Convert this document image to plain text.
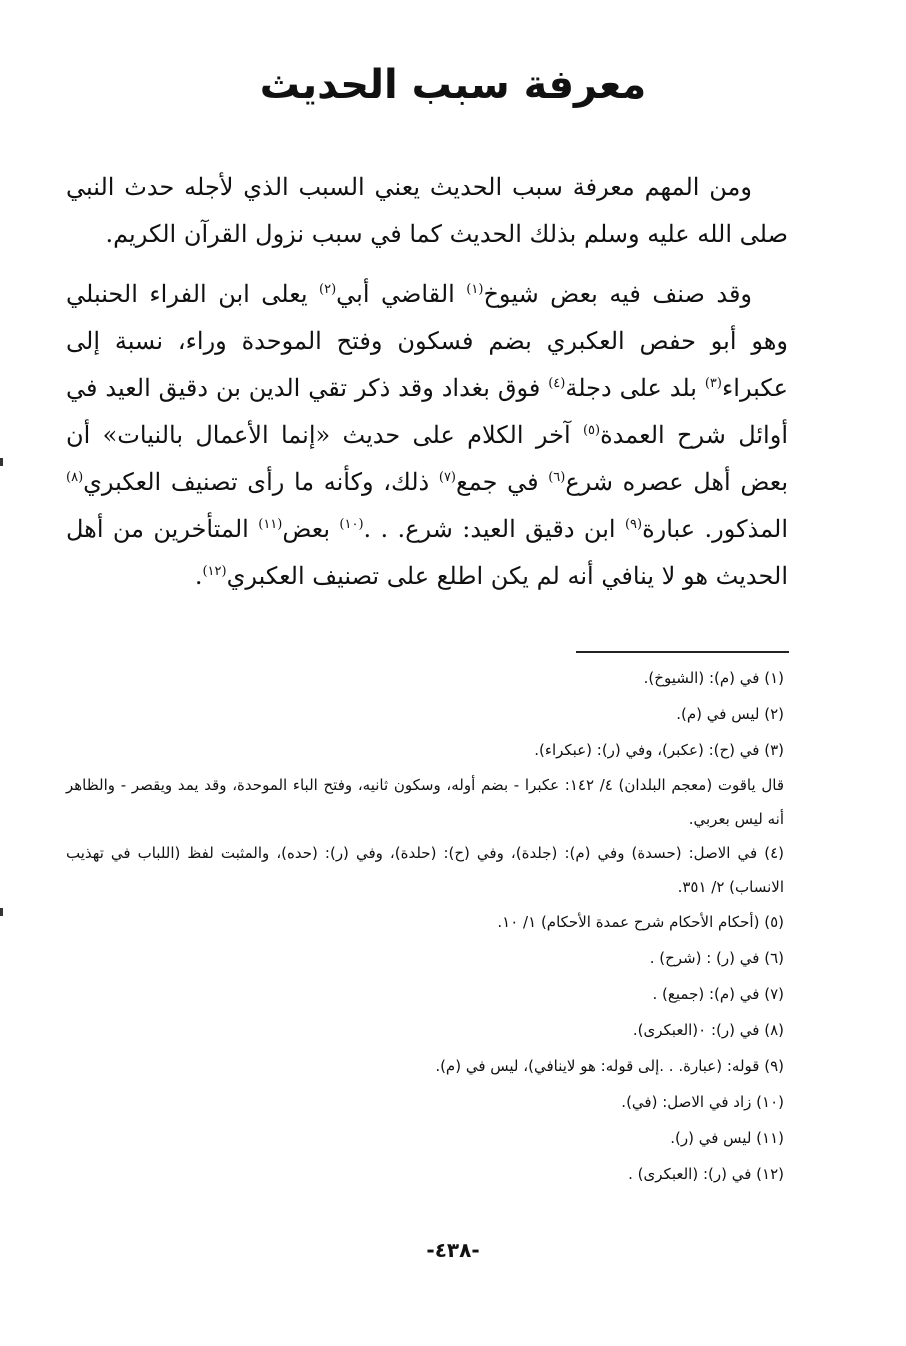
معرفة سبب الحديث

ومن المهم معرفة سبب الحديث يعني السبب الذي لأجله حدث النبي صلى الله عليه وسلم بذلك الحديث كما في سبب نزول القرآن الكريم.

وقد صنف فيه بعض شيوخ$^{(١)}$ القاضي أبي$^{(٢)}$ يعلى ابن الفراء الحنبلي وهو أبو حفص العكبري بضم فسكون وفتح الموحدة وراء، نسبة إلى عكبراء$^{(٣)}$ بلد على دجلة$^{(٤)}$ فوق بغداد وقد ذكر تقي الدين بن دقيق العيد في أوائل شرح العمدة$^{(٥)}$ آخر الكلام على حديث «إنما الأعمال بالنيات» أن بعض أهل عصره شرع$^{(٦)}$ في جمع$^{(٧)}$ ذلك، وكأنه ما رأى تصنيف العكبري$^{(٨)}$ المذكور. عبارة$^{(٩)}$ ابن دقيق العيد: شرع. . .$^{(١٠)}$ بعض$^{(١١)}$ المتأخرين من أهل الحديث هو لا ينافي أنه لم يكن اطلع على تصنيف العكبري$^{(١٢)}$.

(١) في (م): (الشيوخ).
(٢) ليس في (م).
(٣) في (ح): (عكبر)، وفي (ر): (عبكراء).
قال ياقوت (معجم البلدان) ٤/ ١٤٢: عكبرا - بضم أوله، وسكون ثانيه، وفتح الباء الموحدة، وقد يمد ويقصر - والظاهر أنه ليس بعربي.
(٤) في الاصل: (حسدة) وفي (م): (جلدة)، وفي (ح): (حلدة)، وفي (ر): (حده)، والمثبت لفظ (اللباب في تهذيب الانساب) ٢/ ٣٥١.
(٥) (أحكام الأحكام شرح عمدة الأحكام) ١/ ١٠.
(٦) في (ر) : (شرح) .
(٧) في (م): (جميع) .
(٨) في (ر): ٠(العبكرى).
(٩) قوله: (عبارة. . .إلى قوله: هو لاينافي)، ليس في (م).
(١٠) زاد في الاصل: (في).
(١١) ليس في (ر).
(١٢) في (ر): (العبكرى) .
-٤٣٨-
